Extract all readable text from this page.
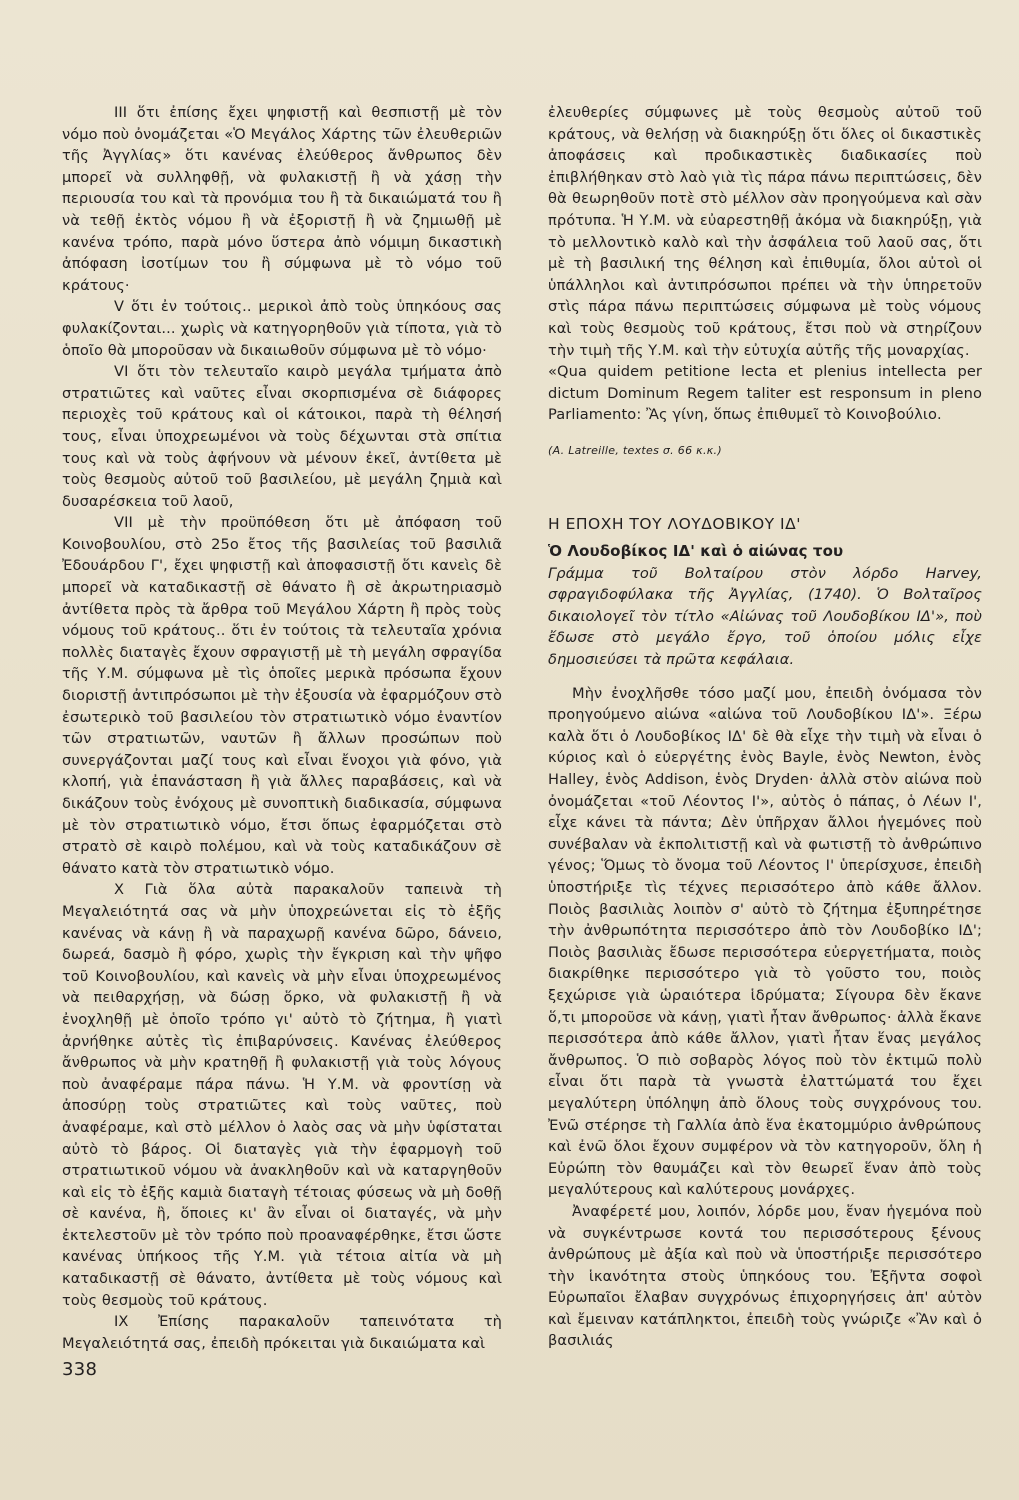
III ὅτι ἐπίσης ἔχει ψηφιστῇ καὶ θεσπιστῇ μὲ τὸν νόμο ποὺ ὀνομάζεται «Ὁ Μεγάλος Χάρτης τῶν ἐλευθεριῶν τῆς Ἀγγλίας» ὅτι κανένας ἐλεύθερος ἄνθρωπος δὲν μπορεῖ νὰ συλληφθῇ, νὰ φυλακιστῇ ἢ νὰ χάσῃ τὴν περιουσία του καὶ τὰ προνόμια του ἢ τὰ δικαιώματά του ἢ νὰ τεθῇ ἐκτὸς νόμου ἢ νὰ ἐξοριστῇ ἢ νὰ ζημιωθῇ μὲ κανένα τρόπο, παρὰ μόνο ὕστερα ἀπὸ νόμιμη δικαστικὴ ἀπόφαση ἰσοτίμων του ἢ σύμφωνα μὲ τὸ νόμο τοῦ κράτους·

V ὅτι ἐν τούτοις.. μερικοὶ ἀπὸ τοὺς ὑπηκόους σας φυλακίζονται... χωρὶς νὰ κατηγορηθοῦν γιὰ τίποτα, γιὰ τὸ ὁποῖο θὰ μποροῦσαν νὰ δικαιωθοῦν σύμφωνα μὲ τὸ νόμο·

VI ὅτι τὸν τελευταῖο καιρὸ μεγάλα τμήματα ἀπὸ στρατιῶτες καὶ ναῦτες εἶναι σκορπισμένα σὲ διάφορες περιοχὲς τοῦ κράτους καὶ οἱ κάτοικοι, παρὰ τὴ θέλησή τους, εἶναι ὑποχρεωμένοι νὰ τοὺς δέχωνται στὰ σπίτια τους καὶ νὰ τοὺς ἀφήνουν νὰ μένουν ἐκεῖ, ἀντίθετα μὲ τοὺς θεσμοὺς αὐτοῦ τοῦ βασιλείου, μὲ μεγάλη ζημιὰ καὶ δυσαρέσκεια τοῦ λαοῦ,

VII μὲ τὴν προϋπόθεση ὅτι μὲ ἀπόφαση τοῦ Κοινοβουλίου, στὸ 25ο ἔτος τῆς βασιλείας τοῦ βασιλιᾶ Ἐδουάρδου Γ', ἔχει ψηφιστῇ καὶ ἀποφασιστῇ ὅτι κανεὶς δὲ μπορεῖ νὰ καταδικαστῇ σὲ θάνατο ἢ σὲ ἀκρωτηριασμὸ ἀντίθετα πρὸς τὰ ἄρθρα τοῦ Μεγάλου Χάρτη ἢ πρὸς τοὺς νόμους τοῦ κράτους.. ὅτι ἐν τούτοις τὰ τελευταῖα χρόνια πολλὲς διαταγὲς ἔχουν σφραγιστῇ μὲ τὴ μεγάλη σφραγίδα τῆς Υ.Μ. σύμφωνα μὲ τὶς ὁποῖες μερικὰ πρόσωπα ἔχουν διοριστῇ ἀντιπρόσωποι μὲ τὴν ἐξουσία νὰ ἐφαρμόζουν στὸ ἐσωτερικὸ τοῦ βασιλείου τὸν στρατιωτικὸ νόμο ἐναντίον τῶν στρατιωτῶν, ναυτῶν ἢ ἄλλων προσώπων ποὺ συνεργάζονται μαζί τους καὶ εἶναι ἔνοχοι γιὰ φόνο, γιὰ κλοπή, γιὰ ἐπανάσταση ἢ γιὰ ἄλλες παραβάσεις, καὶ νὰ δικάζουν τοὺς ἐνόχους μὲ συνοπτικὴ διαδικασία, σύμφωνα μὲ τὸν στρατιωτικὸ νόμο, ἔτσι ὅπως ἐφαρμόζεται στὸ στρατὸ σὲ καιρὸ πολέμου, καὶ νὰ τοὺς καταδικάζουν σὲ θάνατο κατὰ τὸν στρατιωτικὸ νόμο.

X Γιὰ ὅλα αὐτὰ παρακαλοῦν ταπεινὰ τὴ Μεγαλειότητά σας νὰ μὴν ὑποχρεώνεται εἰς τὸ ἑξῆς κανένας νὰ κάνῃ ἢ νὰ παραχωρῇ κανένα δῶρο, δάνειο, δωρεά, δασμὸ ἢ φόρο, χωρὶς τὴν ἔγκριση καὶ τὴν ψῆφο τοῦ Κοινοβουλίου, καὶ κανεὶς νὰ μὴν εἶναι ὑποχρεωμένος νὰ πειθαρχήσῃ, νὰ δώσῃ ὅρκο, νὰ φυλακιστῇ ἢ νὰ ἐνοχληθῇ μὲ ὁποῖο τρόπο γι' αὐτὸ τὸ ζήτημα, ἢ γιατὶ ἀρνήθηκε αὐτὲς τὶς ἐπιβαρύνσεις. Κανένας ἐλεύθερος ἄνθρωπος νὰ μὴν κρατηθῇ ἢ φυλακιστῇ γιὰ τοὺς λόγους ποὺ ἀναφέραμε πάρα πάνω. Ἡ Υ.Μ. νὰ φροντίσῃ νὰ ἀποσύρῃ τοὺς στρατιῶτες καὶ τοὺς ναῦτες, ποὺ ἀναφέραμε, καὶ στὸ μέλλον ὁ λαὸς σας νὰ μὴν ὑφίσταται αὐτὸ τὸ βάρος. Οἱ διαταγὲς γιὰ τὴν ἐφαρμογὴ τοῦ στρατιωτικοῦ νόμου νὰ ἀνακληθοῦν καὶ νὰ καταργηθοῦν καὶ εἰς τὸ ἑξῆς καμιὰ διαταγὴ τέτοιας φύσεως νὰ μὴ δοθῇ σὲ κανένα, ἢ, ὅποιες κι' ἂν εἶναι οἱ διαταγές, νὰ μὴν ἐκτελεστοῦν μὲ τὸν τρόπο ποὺ προαναφέρθηκε, ἔτσι ὥστε κανένας ὑπήκοος τῆς Υ.Μ. γιὰ τέτοια αἰτία νὰ μὴ καταδικαστῇ σὲ θάνατο, ἀντίθετα μὲ τοὺς νόμους καὶ τοὺς θεσμοὺς τοῦ κράτους.

IX Ἐπίσης παρακαλοῦν ταπεινότατα τὴ Μεγαλειότητά σας, ἐπειδὴ πρόκειται γιὰ δικαιώματα καὶ

ἐλευθερίες σύμφωνες μὲ τοὺς θεσμοὺς αὐτοῦ τοῦ κράτους, νὰ θελήσῃ νὰ διακηρύξῃ ὅτι ὅλες οἱ δικαστικὲς ἀποφάσεις καὶ προδικαστικὲς διαδικασίες ποὺ ἐπιβλήθηκαν στὸ λαὸ γιὰ τὶς πάρα πάνω περιπτώσεις, δὲν θὰ θεωρηθοῦν ποτὲ στὸ μέλλον σὰν προηγούμενα καὶ σὰν πρότυπα. Ἡ Υ.Μ. νὰ εὐαρεστηθῇ ἀκόμα νὰ διακηρύξῃ, γιὰ τὸ μελλοντικὸ καλὸ καὶ τὴν ἀσφάλεια τοῦ λαοῦ σας, ὅτι μὲ τὴ βασιλική της θέληση καὶ ἐπιθυμία, ὅλοι αὐτοὶ οἱ ὑπάλληλοι καὶ ἀντιπρόσωποι πρέπει νὰ τὴν ὑπηρετοῦν στὶς πάρα πάνω περιπτώσεις σύμφωνα μὲ τοὺς νόμους καὶ τοὺς θεσμοὺς τοῦ κράτους, ἔτσι ποὺ νὰ στηρίζουν τὴν τιμὴ τῆς Υ.Μ. καὶ τὴν εὐτυχία αὐτῆς τῆς μοναρχίας.

«Qua quidem petitione lecta et plenius intellecta per dictum Dominum Regem taliter est responsum in pleno Parliamento: Ἂς γίνη, ὅπως ἐπιθυμεῖ τὸ Κοινοβούλιο.

(A. Latreille, textes σ. 66 κ.κ.)
Η ΕΠΟΧΗ ΤΟΥ ΛΟΥΔΟΒΙΚΟΥ ΙΔ'
Ὁ Λουδοβίκος ΙΔ' καὶ ὁ αἰώνας του

Γράμμα τοῦ Βολταίρου στὸν λόρδο Harvey, σφραγιδοφύλακα τῆς Ἀγγλίας, (1740). Ὁ Βολταῖρος δικαιολογεῖ τὸν τίτλο «Αἰώνας τοῦ Λουδοβίκου ΙΔ'», ποὺ ἔδωσε στὸ μεγάλο ἔργο, τοῦ ὁποίου μόλις εἶχε δημοσιεύσει τὰ πρῶτα κεφάλαια.

Μὴν ἐνοχλῆσθε τόσο μαζί μου, ἐπειδὴ ὀνόμασα τὸν προηγούμενο αἰώνα «αἰώνα τοῦ Λουδοβίκου ΙΔ'». Ξέρω καλὰ ὅτι ὁ Λουδοβίκος ΙΔ' δὲ θὰ εἶχε τὴν τιμὴ νὰ εἶναι ὁ κύριος καὶ ὁ εὐεργέτης ἑνὸς Bayle, ἑνὸς Newton, ἑνὸς Halley, ἑνὸς Addison, ἑνὸς Dryden· ἀλλὰ στὸν αἰώνα ποὺ ὀνομάζεται «τοῦ Λέοντος Ι'», αὐτὸς ὁ πάπας, ὁ Λέων Ι', εἶχε κάνει τὰ πάντα; Δὲν ὑπῆρχαν ἄλλοι ἡγεμόνες ποὺ συνέβαλαν νὰ ἐκπολιτιστῇ καὶ νὰ φωτιστῇ τὸ ἀνθρώπινο γένος; Ὅμως τὸ ὄνομα τοῦ Λέοντος Ι' ὑπερίσχυσε, ἐπειδὴ ὑποστήριξε τὶς τέχνες περισσότερο ἀπὸ κάθε ἄλλον. Ποιὸς βασιλιὰς λοιπὸν σ' αὐτὸ τὸ ζήτημα ἐξυπηρέτησε τὴν ἀνθρωπότητα περισσότερο ἀπὸ τὸν Λουδοβίκο ΙΔ'; Ποιὸς βασιλιὰς ἔδωσε περισσότερα εὐεργετήματα, ποιὸς διακρίθηκε περισσότερο γιὰ τὸ γοῦστο του, ποιὸς ξεχώρισε γιὰ ὡραιότερα ἱδρύματα; Σίγουρα δὲν ἔκανε ὅ,τι μποροῦσε νὰ κάνῃ, γιατὶ ἦταν ἄνθρωπος· ἀλλὰ ἔκανε περισσότερα ἀπὸ κάθε ἄλλον, γιατὶ ἦταν ἕνας μεγάλος ἄνθρωπος. Ὁ πιὸ σοβαρὸς λόγος ποὺ τὸν ἐκτιμῶ πολὺ εἶναι ὅτι παρὰ τὰ γνωστὰ ἐλαττώματά του ἔχει μεγαλύτερη ὑπόληψη ἀπὸ ὅλους τοὺς συγχρόνους του. Ἐνῶ στέρησε τὴ Γαλλία ἀπὸ ἕνα ἑκατομμύριο ἀνθρώπους καὶ ἐνῶ ὅλοι ἔχουν συμφέρον νὰ τὸν κατηγοροῦν, ὅλη ἡ Εὐρώπη τὸν θαυμάζει καὶ τὸν θεωρεῖ ἕναν ἀπὸ τοὺς μεγαλύτερους καὶ καλύτερους μονάρχες.

Ἀναφέρετέ μου, λοιπόν, λόρδε μου, ἕναν ἡγεμόνα ποὺ νὰ συγκέντρωσε κοντά του περισσότερους ξένους ἀνθρώπους μὲ ἀξία καὶ ποὺ νὰ ὑποστήριξε περισσότερο τὴν ἱκανότητα στοὺς ὑπηκόους του. Ἐξῆντα σοφοὶ Εὐρωπαῖοι ἔλαβαν συγχρόνως ἐπιχορηγήσεις ἀπ' αὐτὸν καὶ ἔμειναν κατάπληκτοι, ἐπειδὴ τοὺς γνώριζε «Ἂν καὶ ὁ βασιλιάς

338
